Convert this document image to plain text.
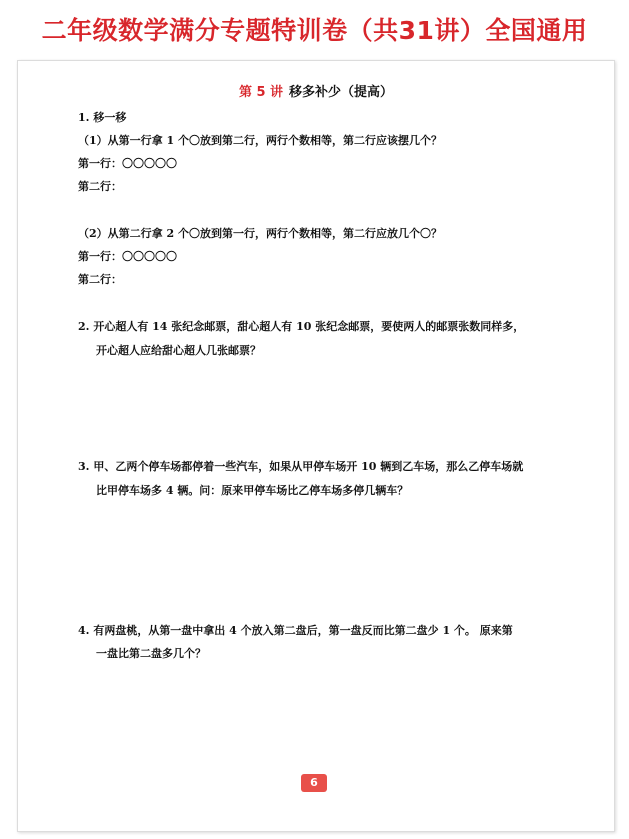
二年级数学满分专题特训卷（共31讲）全国通用
第 5 讲 移多补少（提高）
1. 移一移
（1）从第一行拿 1 个〇放到第二行，两行个数相等，第二行应该摆几个？
第一行：〇〇〇〇〇
第二行：
（2）从第二行拿 2 个〇放到第一行，两行个数相等，第二行应放几个〇？
第一行：〇〇〇〇〇
第二行：
2. 开心超人有 14 张纪念邮票，甜心超人有 10 张纪念邮票，要使两人的邮票张数同样多，
开心超人应给甜心超人几张邮票？
3. 甲、乙两个停车场都停着一些汽车，如果从甲停车场开 10 辆到乙车场，那么乙停车场就
比甲停车场多 4 辆。问：原来甲停车场比乙停车场多停几辆车？
4. 有两盘桃，从第一盘中拿出 4 个放入第二盘后，第一盘反而比第二盘少 1 个。 原来第
一盘比第二盘多几个？
6
